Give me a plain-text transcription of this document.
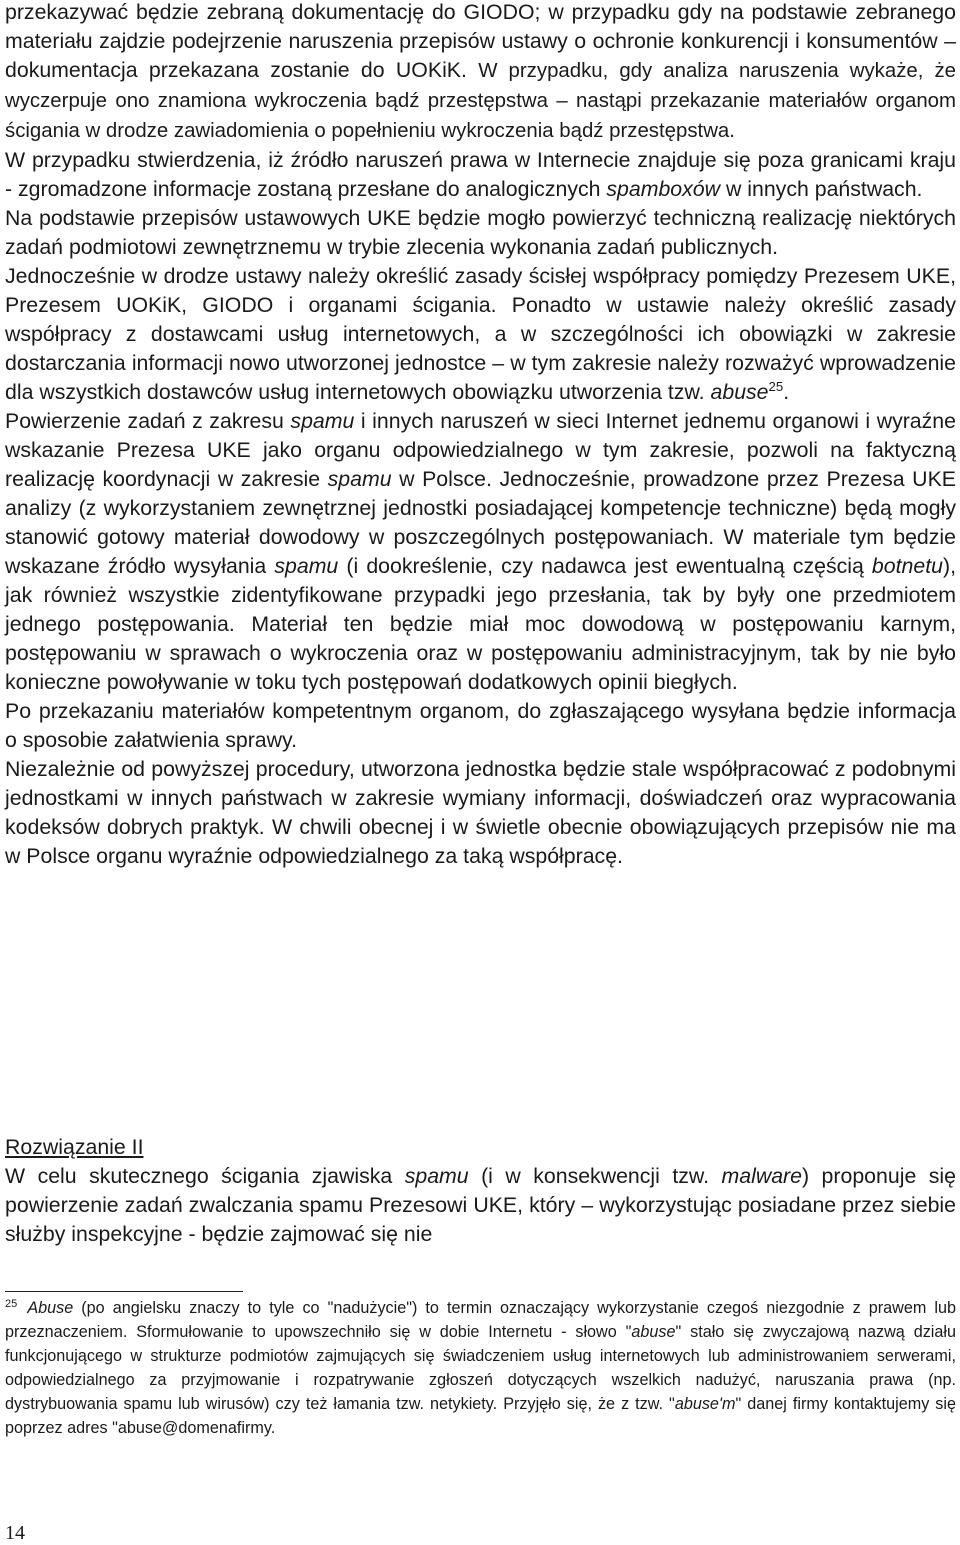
przekazywać będzie zebraną dokumentację do GIODO; w przypadku gdy na podstawie zebranego materiału zajdzie podejrzenie naruszenia przepisów ustawy o ochronie konkurencji i konsumentów – dokumentacja przekazana zostanie do UOKiK. W przypadku, gdy analiza naruszenia wykaże, że wyczerpuje ono znamiona wykroczenia bądź przestępstwa – nastąpi przekazanie materiałów organom ścigania w drodze zawiadomienia o popełnieniu wykroczenia bądź przestępstwa.

W przypadku stwierdzenia, iż źródło naruszeń prawa w Internecie znajduje się poza granicami kraju - zgromadzone informacje zostaną przesłane do analogicznych spamboxów w innych państwach.

Na podstawie przepisów ustawowych UKE będzie mogło powierzyć techniczną realizację niektórych zadań podmiotowi zewnętrznemu w trybie zlecenia wykonania zadań publicznych.

Jednocześnie w drodze ustawy należy określić zasady ścisłej współpracy pomiędzy Prezesem UKE, Prezesem UOKiK, GIODO i organami ścigania. Ponadto w ustawie należy określić zasady współpracy z dostawcami usług internetowych, a w szczególności ich obowiązki w zakresie dostarczania informacji nowo utworzonej jednostce – w tym zakresie należy rozważyć wprowadzenie dla wszystkich dostawców usług internetowych obowiązku utworzenia tzw. abuse$^{25}$.

Powierzenie zadań z zakresu spamu i innych naruszeń w sieci Internet jednemu organowi i wyraźne wskazanie Prezesa UKE jako organu odpowiedzialnego w tym zakresie, pozwoli na faktyczną realizację koordynacji w zakresie spamu w Polsce. Jednocześnie, prowadzone przez Prezesa UKE analizy (z wykorzystaniem zewnętrznej jednostki posiadającej kompetencje techniczne) będą mogły stanowić gotowy materiał dowodowy w poszczególnych postępowaniach. W materiale tym będzie wskazane źródło wysyłania spamu (i dookreślenie, czy nadawca jest ewentualną częścią botnetu), jak również wszystkie zidentyfikowane przypadki jego przesłania, tak by były one przedmiotem jednego postępowania. Materiał ten będzie miał moc dowodową w postępowaniu karnym, postępowaniu w sprawach o wykroczenia oraz w postępowaniu administracyjnym, tak by nie było konieczne powoływanie w toku tych postępowań dodatkowych opinii biegłych.

Po przekazaniu materiałów kompetentnym organom, do zgłaszającego wysyłana będzie informacja o sposobie załatwienia sprawy.

Niezależnie od powyższej procedury, utworzona jednostka będzie stale współpracować z podobnymi jednostkami w innych państwach w zakresie wymiany informacji, doświadczeń oraz wypracowania kodeksów dobrych praktyk. W chwili obecnej i w świetle obecnie obowiązujących przepisów nie ma w Polsce organu wyraźnie odpowiedzialnego za taką współpracę.

Rozwiązanie II

W celu skutecznego ścigania zjawiska spamu (i w konsekwencji tzw. malware) proponuje się powierzenie zadań zwalczania spamu Prezesowi UKE, który – wykorzystując posiadane przez siebie służby inspekcyjne - będzie zajmować się nie

$^{25}$ Abuse (po angielsku znaczy to tyle co "nadużycie") to termin oznaczający wykorzystanie czegoś niezgodnie z prawem lub przeznaczeniem. Sformułowanie to upowszechniło się w dobie Internetu - słowo "abuse" stało się zwyczajową nazwą działu funkcjonującego w strukturze podmiotów zajmujących się świadczeniem usług internetowych lub administrowaniem serwerami, odpowiedzialnego za przyjmowanie i rozpatrywanie zgłoszeń dotyczących wszelkich nadużyć, naruszania prawa (np. dystrybuowania spamu lub wirusów) czy też łamania tzw. netykiety. Przyjęło się, że z tzw. "abuse'm" danej firmy kontaktujemy się poprzez adres "abuse@domenafirmy.

14
